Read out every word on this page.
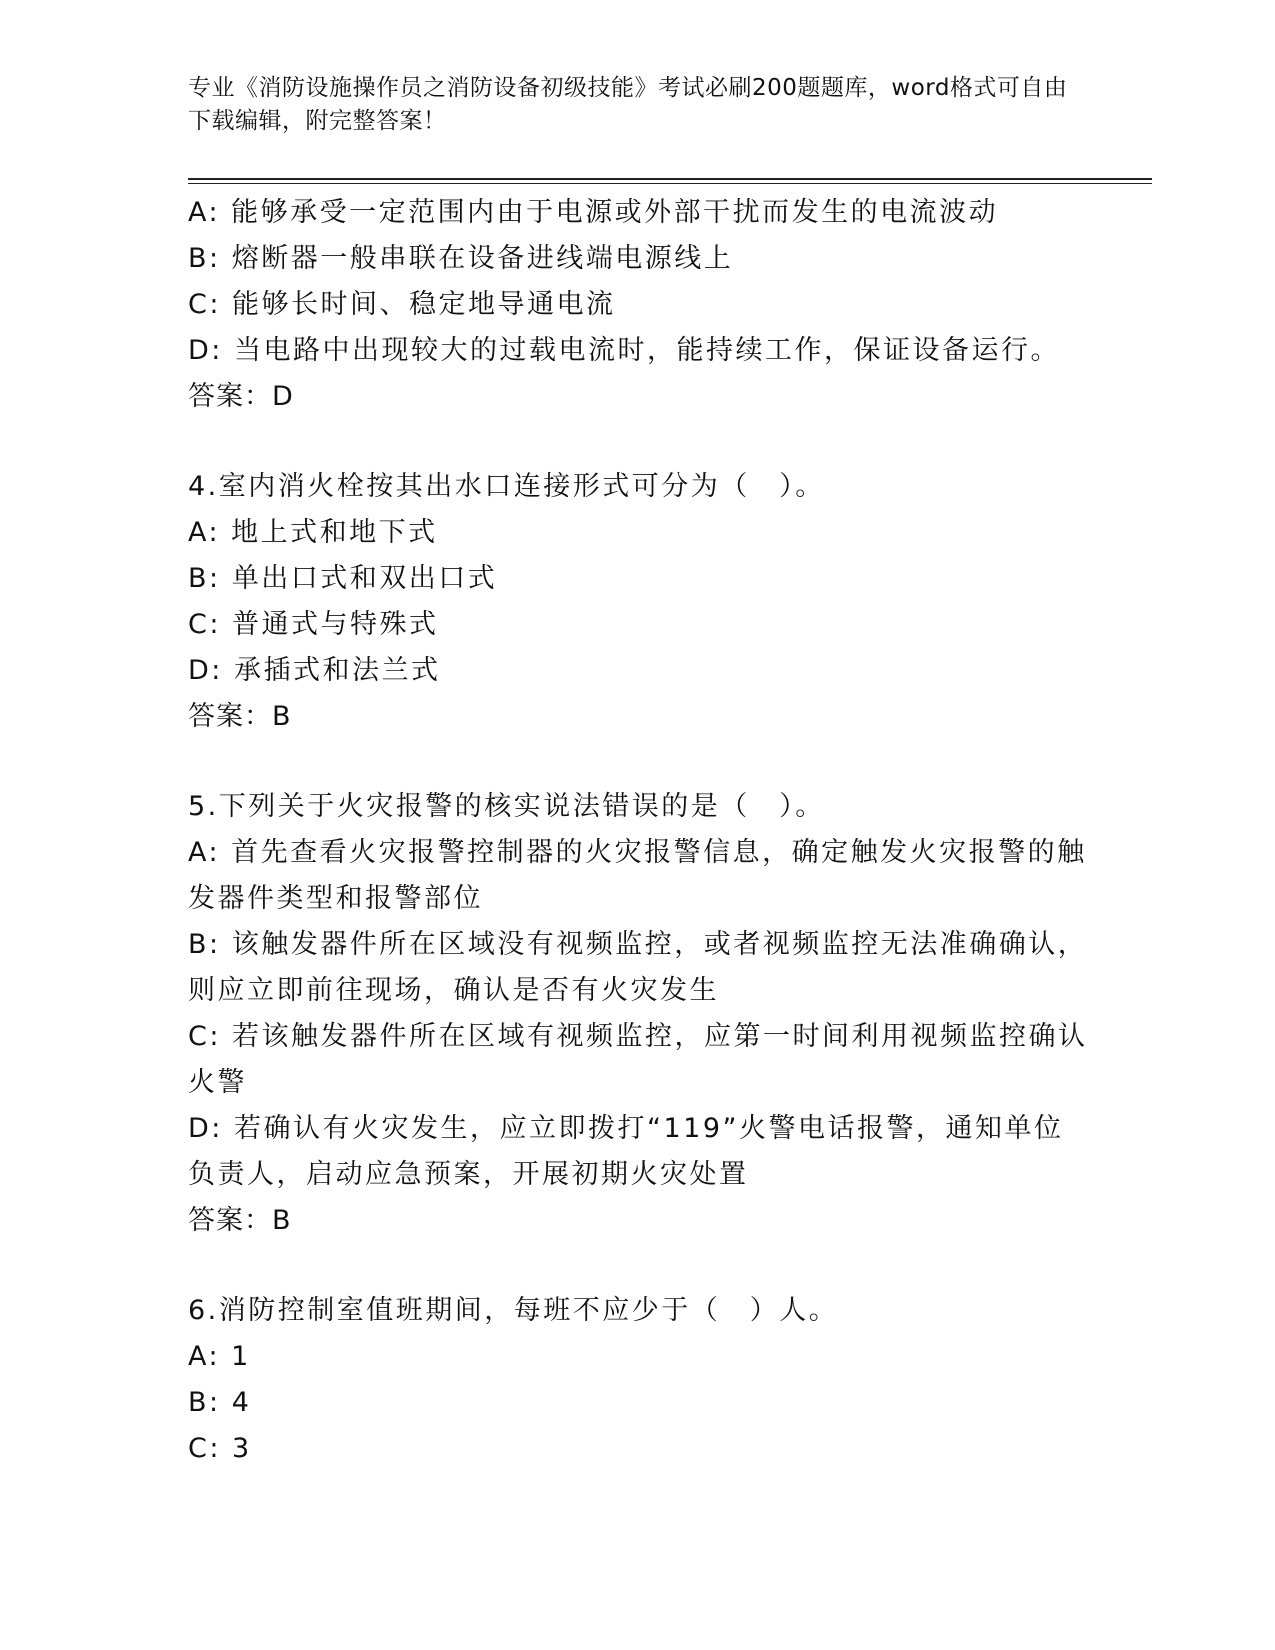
专业《消防设施操作员之消防设备初级技能》考试必刷200题题库，word格式可自由下载编辑，附完整答案！
A: 能够承受一定范围内由于电源或外部干扰而发生的电流波动
B: 熔断器一般串联在设备进线端电源线上
C: 能够长时间、稳定地导通电流
D: 当电路中出现较大的过载电流时，能持续工作，保证设备运行。
答案：D
4.室内消火栓按其出水口连接形式可分为（　）。
A: 地上式和地下式
B: 单出口式和双出口式
C: 普通式与特殊式
D: 承插式和法兰式
答案：B
5.下列关于火灾报警的核实说法错误的是（　）。
A: 首先查看火灾报警控制器的火灾报警信息，确定触发火灾报警的触发器件类型和报警部位
B: 该触发器件所在区域没有视频监控，或者视频监控无法准确确认，则应立即前往现场，确认是否有火灾发生
C: 若该触发器件所在区域有视频监控，应第一时间利用视频监控确认火警
D: 若确认有火灾发生，应立即拨打“119”火警电话报警，通知单位负责人，启动应急预案，开展初期火灾处置
答案：B
6.消防控制室值班期间，每班不应少于（　）人。
A: 1
B: 4
C: 3
